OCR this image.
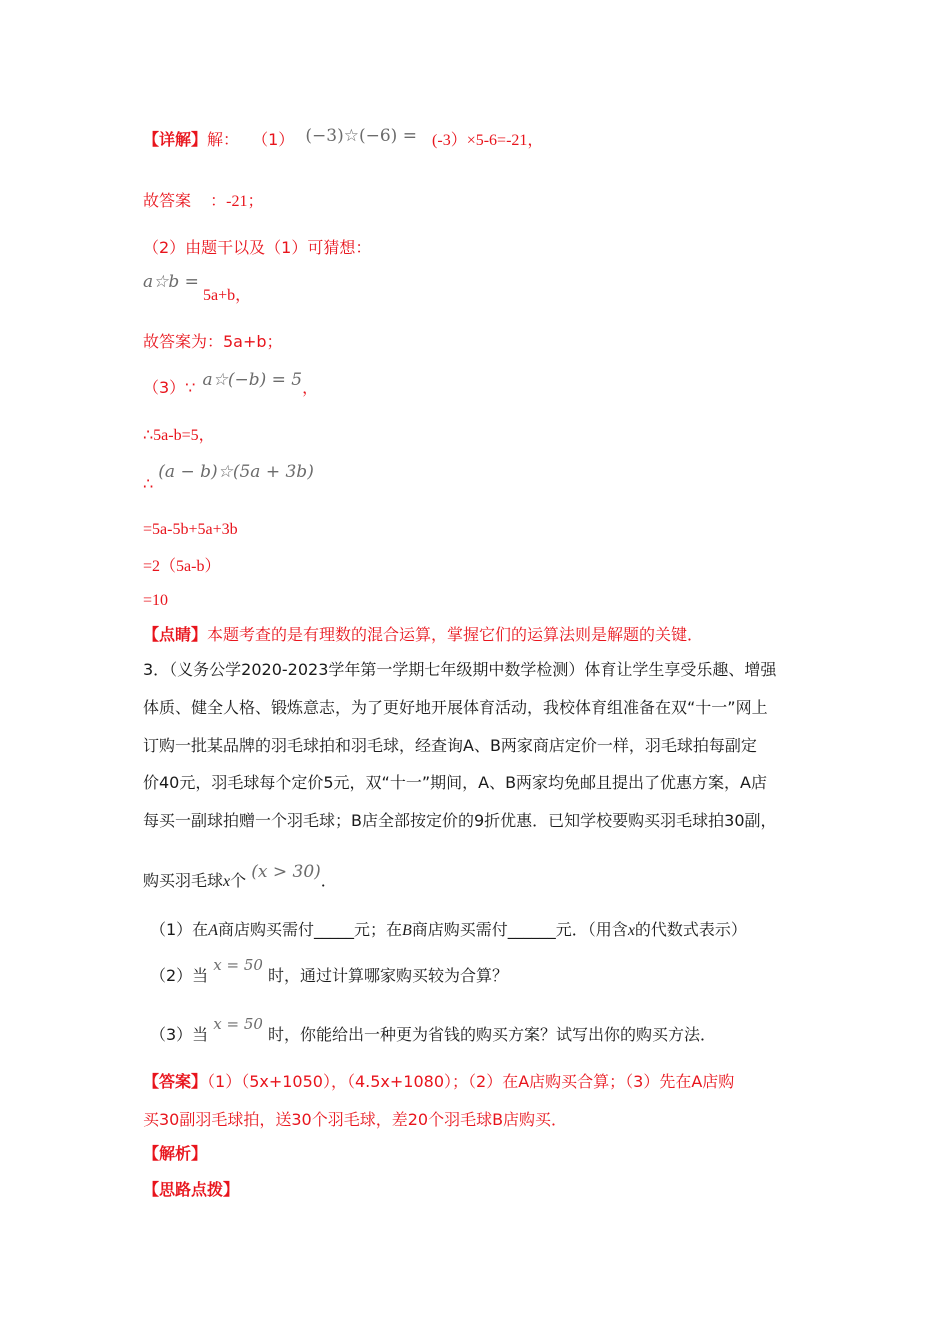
【详解】解： （1） (−3)☆(−6) = (-3）×5-6=-21，
故答案 ：-21；
（2）由题干以及（1）可猜想：
a☆b =
5a+b，
故答案为：5a+b；
（3）∵ a☆(−b) = 5，
∴5a-b=5，
∴ (a − b)☆(5a + 3b)
=5a-5b+5a+3b
=2（5a-b）
=10
【点睛】本题考查的是有理数的混合运算，掌握它们的运算法则是解题的关键．
3．（义务公学2020-2023学年第一学期七年级期中数学检测）体育让学生享受乐趣、增强
体质、健全人格、锻炼意志，为了更好地开展体育活动，我校体育组准备在双“十一”网上
订购一批某品牌的羽毛球拍和羽毛球，经查询A、B两家商店定价一样，羽毛球拍每副定
价40元，羽毛球每个定价5元，双“十一”期间，A、B两家均免邮且提出了优惠方案，A店
每买一副球拍赠一个羽毛球；B店全部按定价的9折优惠．已知学校要购买羽毛球拍30副，
购买羽毛球x个 (x > 30)．
（1）在A商店购买需付_____元；在B商店购买需付______元．（用含x的代数式表示）
（2）当 x = 50 时，通过计算哪家购买较为合算？
（3）当 x = 50 时，你能给出一种更为省钱的购买方案？试写出你的购买方法．
【答案】（1）（5x+1050），（4.5x+1080）；（2）在A店购买合算；（3）先在A店购
买30副羽毛球拍，送30个羽毛球，差20个羽毛球B店购买．
【解析】
【思路点拨】
